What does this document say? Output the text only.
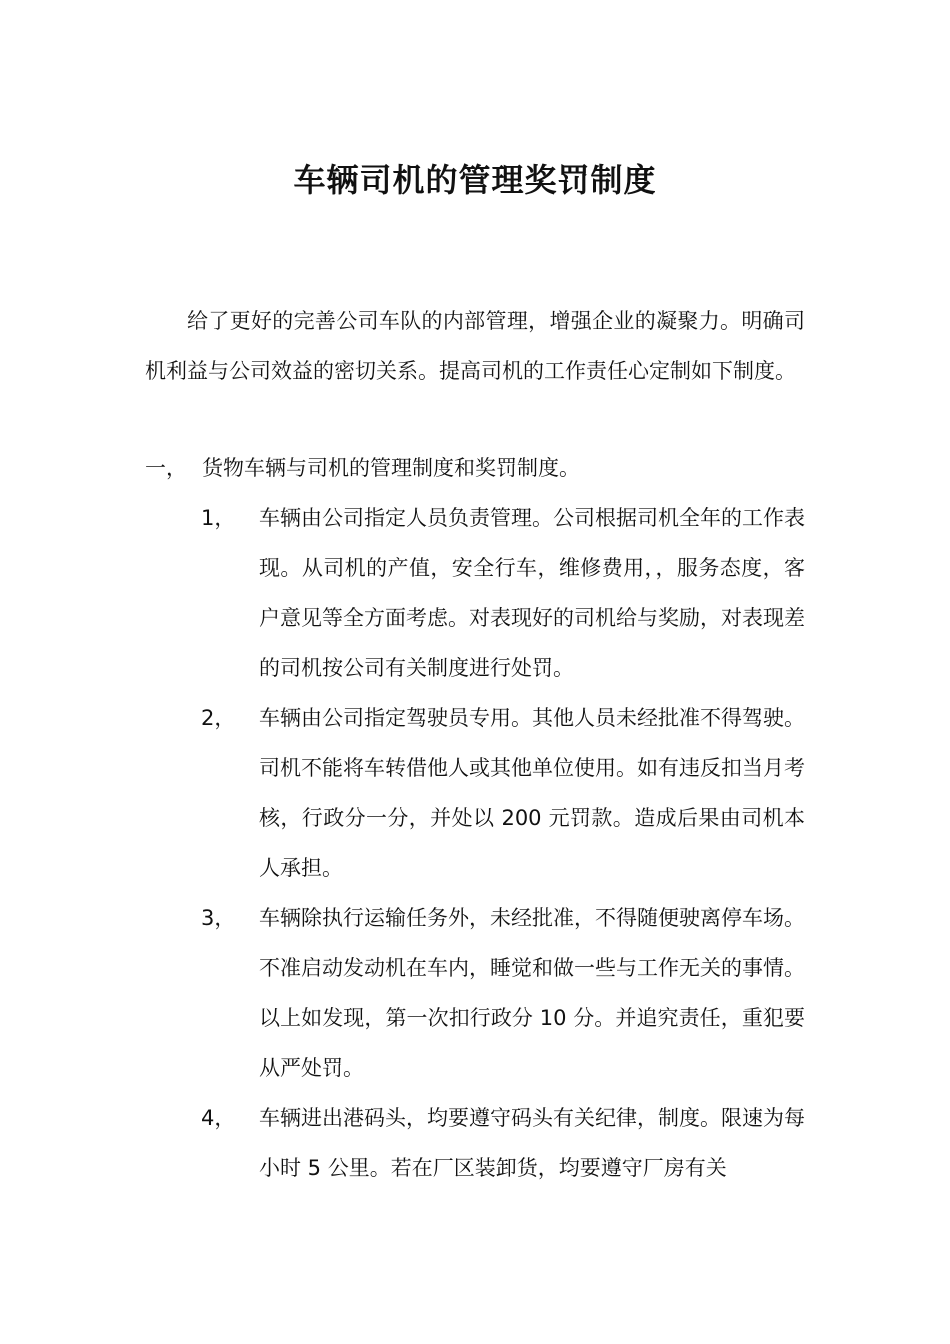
车辆司机的管理奖罚制度

给了更好的完善公司车队的内部管理，增强企业的凝聚力。明确司机利益与公司效益的密切关系。提高司机的工作责任心定制如下制度。

一， 货物车辆与司机的管理制度和奖罚制度。
1， 车辆由公司指定人员负责管理。公司根据司机全年的工作表现。从司机的产值，安全行车，维修费用，，服务态度，客户意见等全方面考虑。对表现好的司机给与奖励，对表现差的司机按公司有关制度进行处罚。
2， 车辆由公司指定驾驶员专用。其他人员未经批准不得驾驶。司机不能将车转借他人或其他单位使用。如有违反扣当月考核，行政分一分，并处以 200 元罚款。造成后果由司机本人承担。
3， 车辆除执行运输任务外，未经批准，不得随便驶离停车场。不准启动发动机在车内，睡觉和做一些与工作无关的事情。以上如发现，第一次扣行政分 10 分。并追究责任，重犯要从严处罚。
4， 车辆进出港码头，均要遵守码头有关纪律，制度。限速为每小时 5 公里。若在厂区装卸货，均要遵守厂房有关
